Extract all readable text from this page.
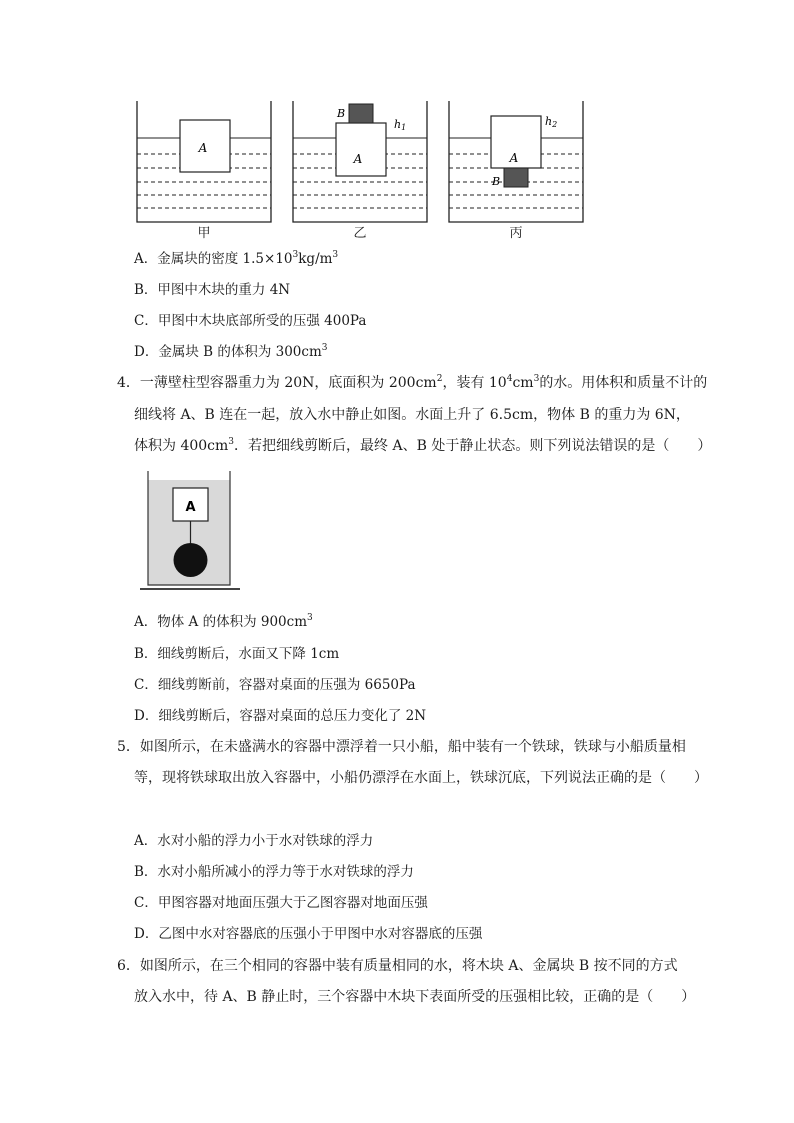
A
A
B
h1
A
B
h2
甲	乙	丙
A．金属块的密度 $1.5\times 10^3kg/m^3$
B．甲图中木块的重力 4N
C．甲图中木块底部所受的压强 400Pa
D．金属块 B 的体积为 $300cm^3$
4．一薄壁柱型容器重力为 20N，底面积为 $200cm^2$，装有 $10^4cm^3$的水。用体积和质量不计的
细线将 A、B 连在一起，放入水中静止如图。水面上升了 6.5cm，物体 B 的重力为 6N，
体积为 $400cm^3$．若把细线剪断后，最终 A、B 处于静止状态。则下列说法错误的是（　　）
A
A．物体 A 的体积为 $900cm^3$
B．细线剪断后，水面又下降 1cm
C．细线剪断前，容器对桌面的压强为 6650Pa
D．细线剪断后，容器对桌面的总压力变化了 2N
5．如图所示，在未盛满水的容器中漂浮着一只小船，船中装有一个铁球，铁球与小船质量相
等，现将铁球取出放入容器中，小船仍漂浮在水面上，铁球沉底，下列说法正确的是（　　）
A．水对小船的浮力小于水对铁球的浮力
B．水对小船所减小的浮力等于水对铁球的浮力
C．甲图容器对地面压强大于乙图容器对地面压强
D．乙图中水对容器底的压强小于甲图中水对容器底的压强
6．如图所示，在三个相同的容器中装有质量相同的水，将木块 A、金属块 B 按不同的方式
放入水中，待 A、B 静止时，三个容器中木块下表面所受的压强相比较，正确的是（　　）
